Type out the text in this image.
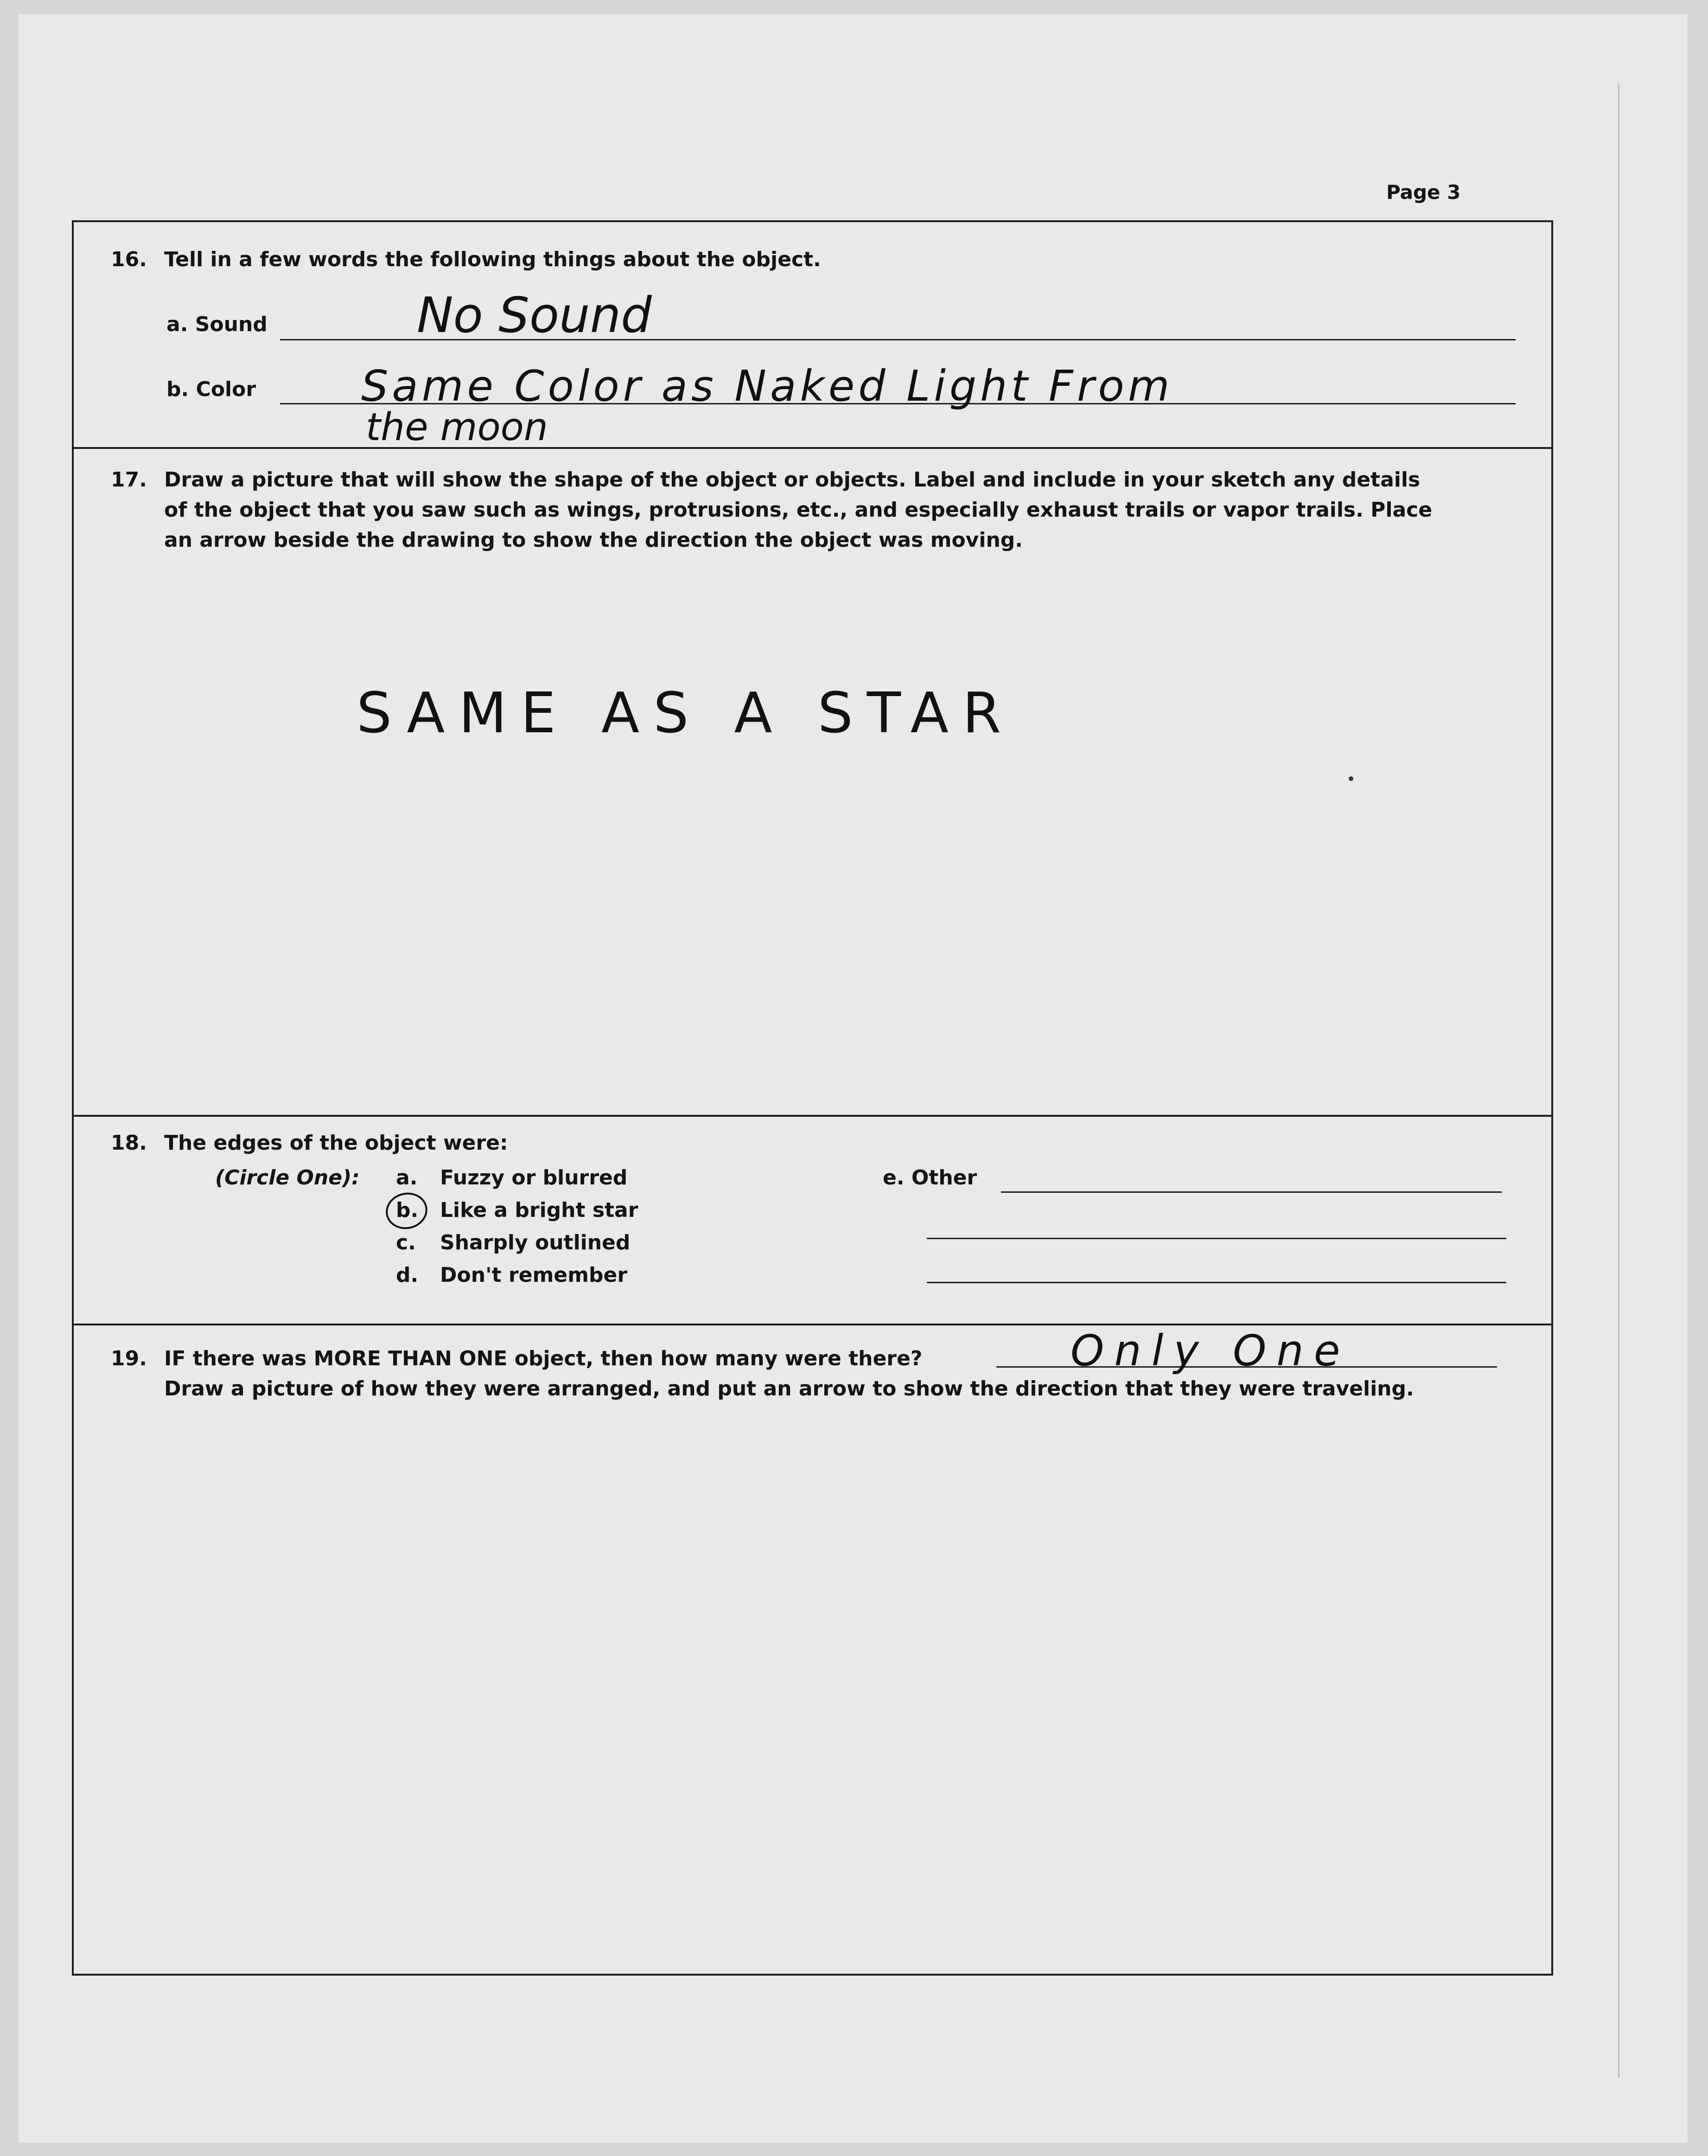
Page 3
16. Tell in a few words the following things about the object.
a. Sound	No Sound
b. Color Same Color as Naked Light From
the moon
17. Draw a picture that will show the shape of the object or objects. Label and include in your sketch any details
of the object that you saw such as wings, protrusions, etc., and especially exhaust trails or vapor trails. Place
an arrow beside the drawing to show the direction the object was moving.
SAME AS A STAR
18. The edges of the object were:
(Circle One): a. Fuzzy or blurred
b. Like a bright star
c. Sharply outlined
d. Don't remember
e. Other
19. IF there was MORE THAN ONE object, then how many were there?	Only One
Draw a picture of how they were arranged, and put an arrow to show the direction that they were traveling.
